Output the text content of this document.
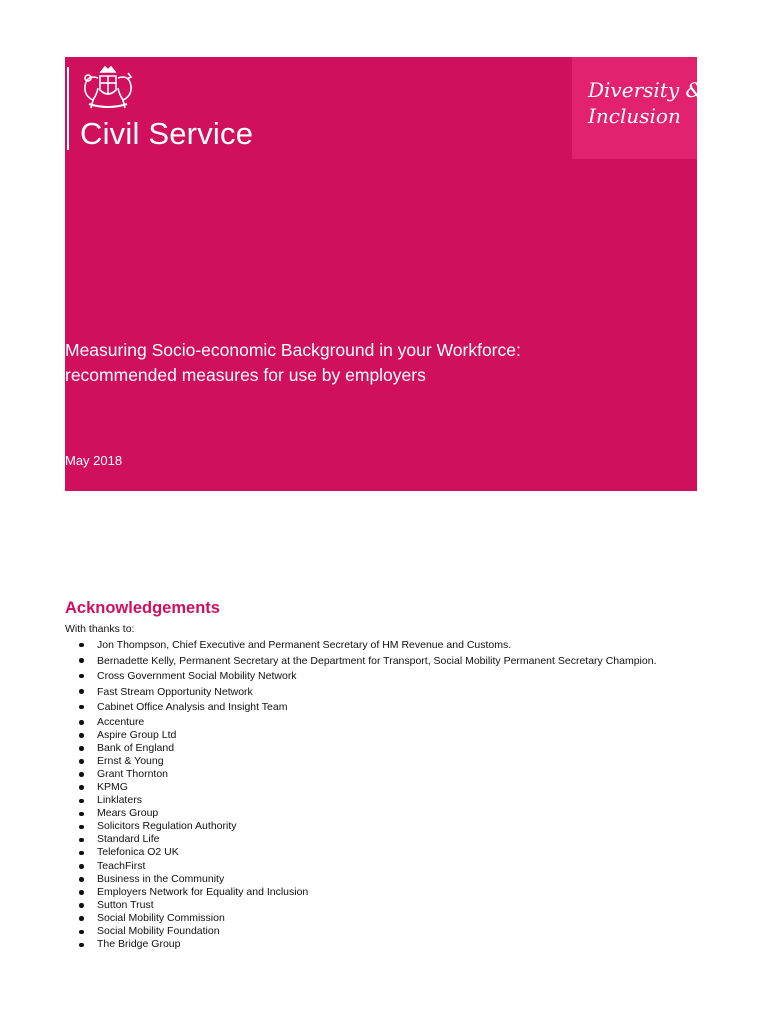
Civil Service
Diversity &
Inclusion
Measuring Socio-economic Background in your Workforce:
recommended measures for use by employers
May 2018
Acknowledgements
With thanks to:
Jon Thompson, Chief Executive and Permanent Secretary of HM Revenue and Customs.
Bernadette Kelly, Permanent Secretary at the Department for Transport, Social Mobility Permanent Secretary Champion.
Cross Government Social Mobility Network
Fast Stream Opportunity Network
Cabinet Office Analysis and Insight Team
Accenture
Aspire Group Ltd
Bank of England
Ernst & Young
Grant Thornton
KPMG
Linklaters
Mears Group
Solicitors Regulation Authority
Standard Life
Telefonica O2 UK
TeachFirst
Business in the Community
Employers Network for Equality and Inclusion
Sutton Trust
Social Mobility Commission
Social Mobility Foundation
The Bridge Group
